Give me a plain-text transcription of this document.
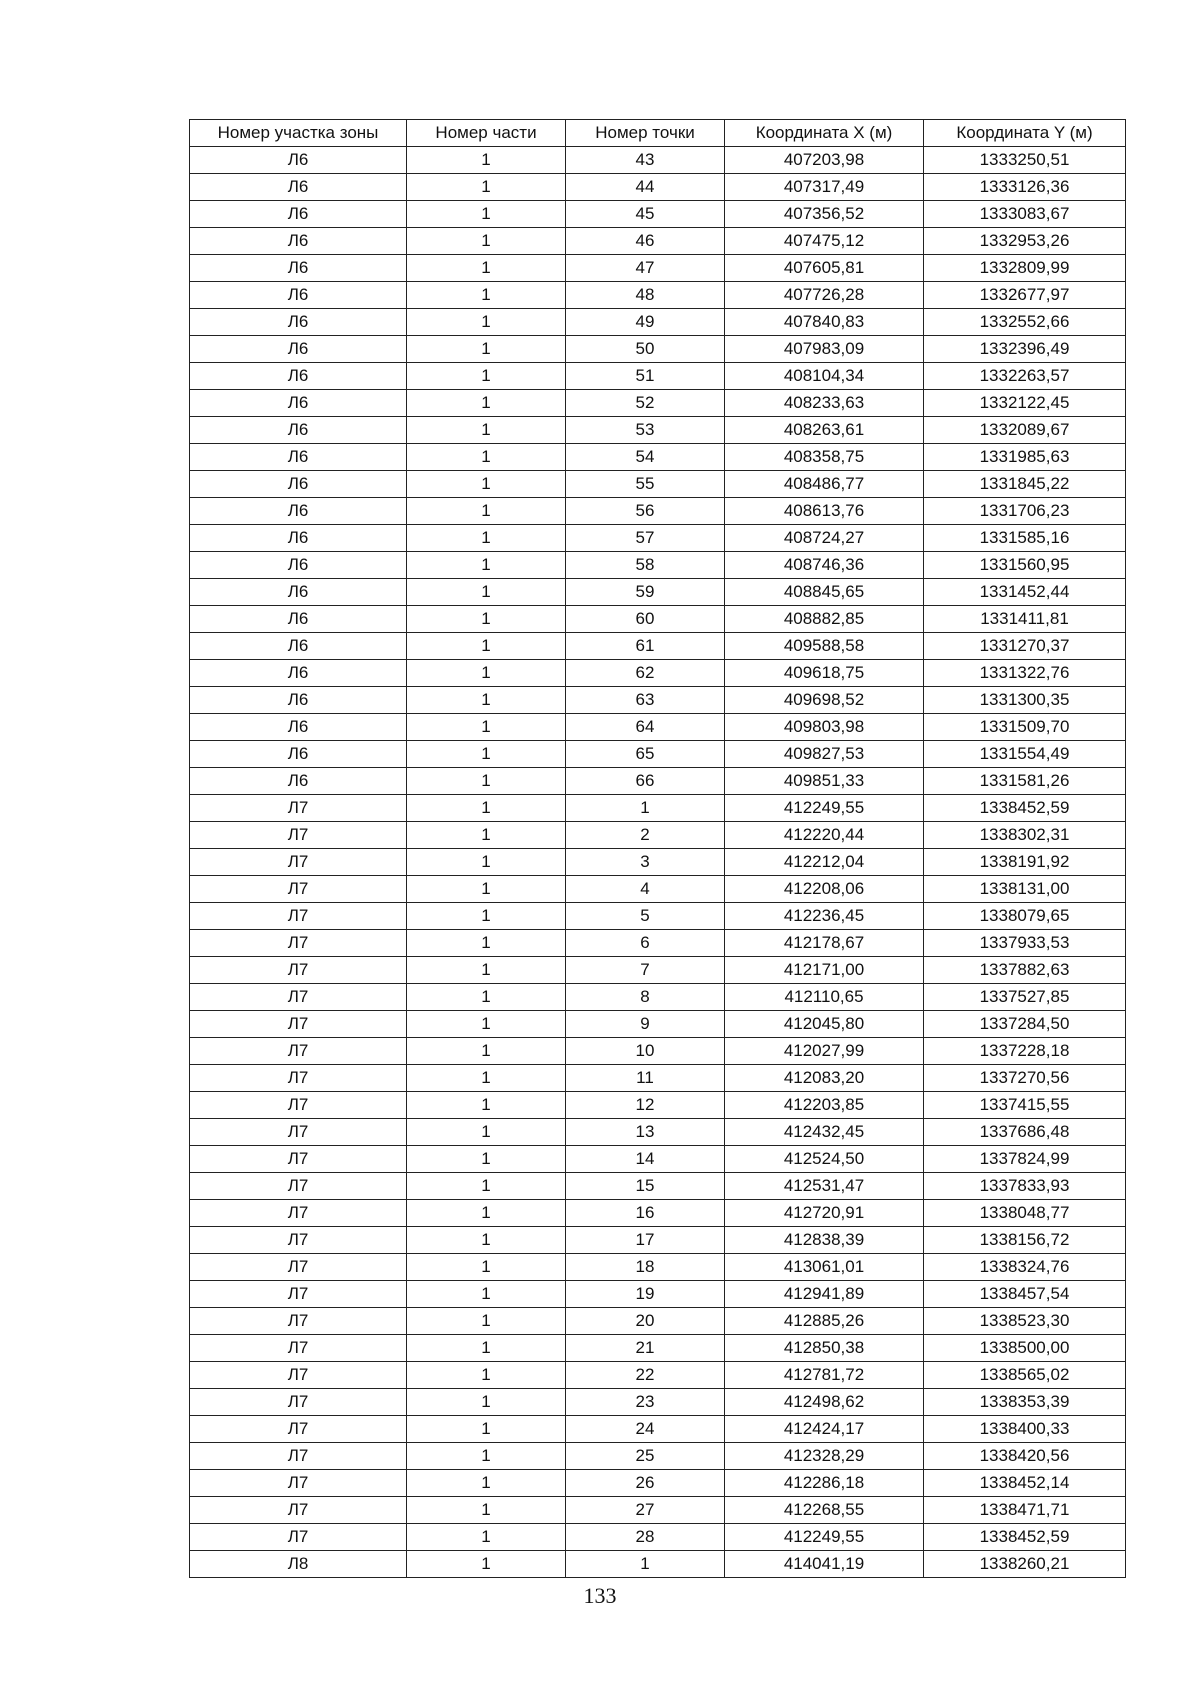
Номер участка зоны	Номер части	Номер точки	Координата X (м)	Координата Y (м)
Л6	1	43	407203,98	1333250,51
Л6	1	44	407317,49	1333126,36
Л6	1	45	407356,52	1333083,67
Л6	1	46	407475,12	1332953,26
Л6	1	47	407605,81	1332809,99
Л6	1	48	407726,28	1332677,97
Л6	1	49	407840,83	1332552,66
Л6	1	50	407983,09	1332396,49
Л6	1	51	408104,34	1332263,57
Л6	1	52	408233,63	1332122,45
Л6	1	53	408263,61	1332089,67
Л6	1	54	408358,75	1331985,63
Л6	1	55	408486,77	1331845,22
Л6	1	56	408613,76	1331706,23
Л6	1	57	408724,27	1331585,16
Л6	1	58	408746,36	1331560,95
Л6	1	59	408845,65	1331452,44
Л6	1	60	408882,85	1331411,81
Л6	1	61	409588,58	1331270,37
Л6	1	62	409618,75	1331322,76
Л6	1	63	409698,52	1331300,35
Л6	1	64	409803,98	1331509,70
Л6	1	65	409827,53	1331554,49
Л6	1	66	409851,33	1331581,26
Л7	1	1	412249,55	1338452,59
Л7	1	2	412220,44	1338302,31
Л7	1	3	412212,04	1338191,92
Л7	1	4	412208,06	1338131,00
Л7	1	5	412236,45	1338079,65
Л7	1	6	412178,67	1337933,53
Л7	1	7	412171,00	1337882,63
Л7	1	8	412110,65	1337527,85
Л7	1	9	412045,80	1337284,50
Л7	1	10	412027,99	1337228,18
Л7	1	11	412083,20	1337270,56
Л7	1	12	412203,85	1337415,55
Л7	1	13	412432,45	1337686,48
Л7	1	14	412524,50	1337824,99
Л7	1	15	412531,47	1337833,93
Л7	1	16	412720,91	1338048,77
Л7	1	17	412838,39	1338156,72
Л7	1	18	413061,01	1338324,76
Л7	1	19	412941,89	1338457,54
Л7	1	20	412885,26	1338523,30
Л7	1	21	412850,38	1338500,00
Л7	1	22	412781,72	1338565,02
Л7	1	23	412498,62	1338353,39
Л7	1	24	412424,17	1338400,33
Л7	1	25	412328,29	1338420,56
Л7	1	26	412286,18	1338452,14
Л7	1	27	412268,55	1338471,71
Л7	1	28	412249,55	1338452,59
Л8	1	1	414041,19	1338260,21
133
